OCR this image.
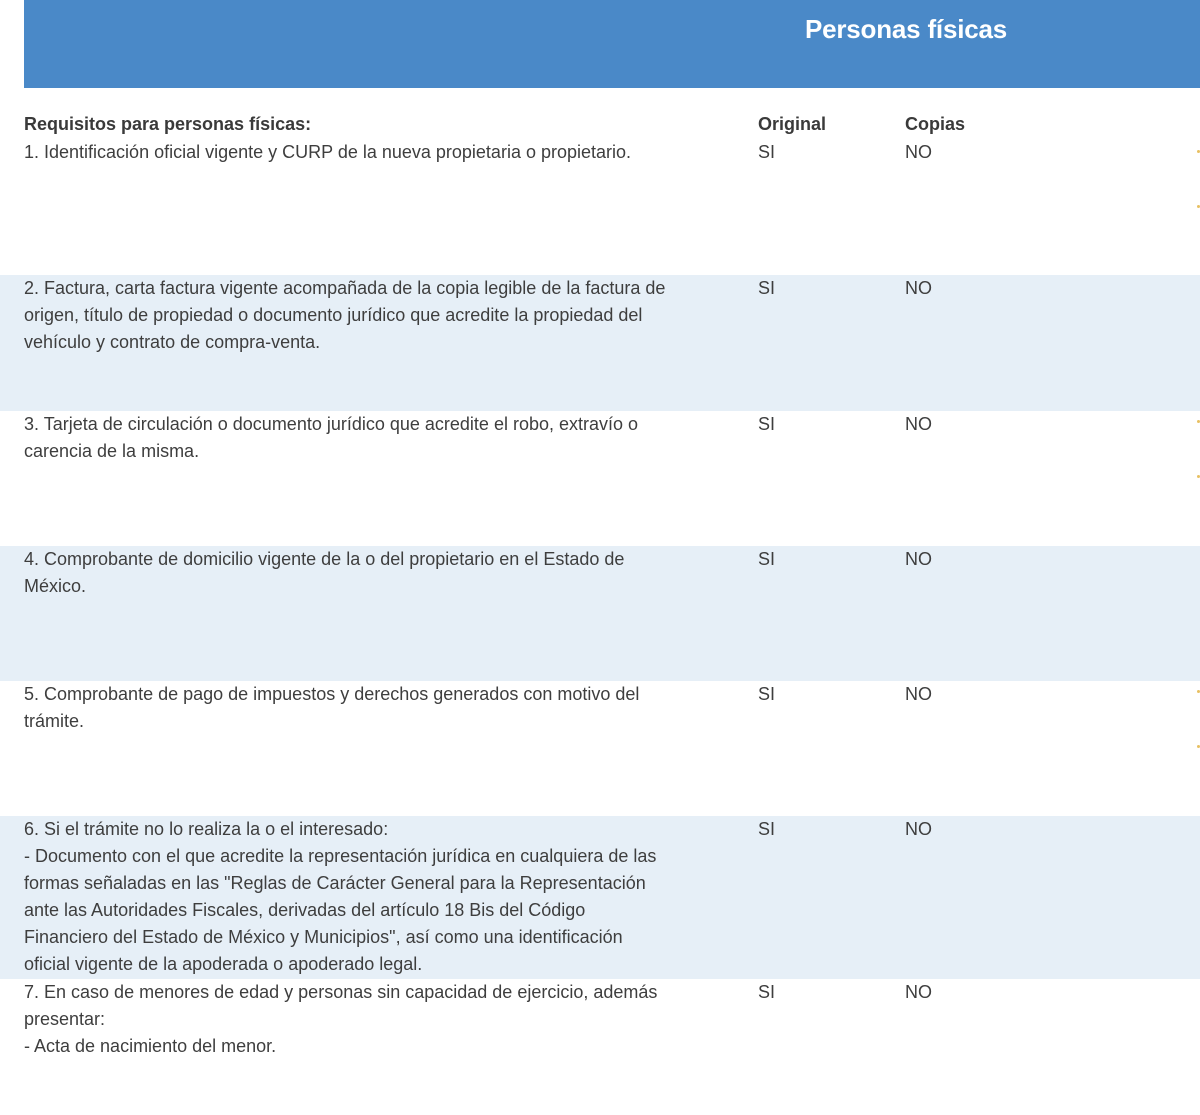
Personas físicas
Requisitos para personas físicas:	Original	Copias
1. Identificación oficial vigente y CURP de la nueva propietaria o propietario.	SI	NO
2. Factura, carta factura vigente acompañada de la copia legible de la factura de
origen, título de propiedad o documento jurídico que acredite la propiedad del
vehículo y contrato de compra-venta.
SI	NO
3. Tarjeta de circulación o documento jurídico que acredite el robo, extravío o
carencia de la misma.
SI	NO
4. Comprobante de domicilio vigente de la o del propietario en el Estado de
México.
SI	NO
5. Comprobante de pago de impuestos y derechos generados con motivo del
trámite.
SI	NO
6. Si el trámite no lo realiza la o el interesado:
- Documento con el que acredite la representación jurídica en cualquiera de las
formas señaladas en las "Reglas de Carácter General para la Representación
ante las Autoridades Fiscales, derivadas del artículo 18 Bis del Código
Financiero del Estado de México y Municipios", así como una identificación
oficial vigente de la apoderada o apoderado legal.
SI	NO
7. En caso de menores de edad y personas sin capacidad de ejercicio, además
presentar:
- Acta de nacimiento del menor.
SI	NO
